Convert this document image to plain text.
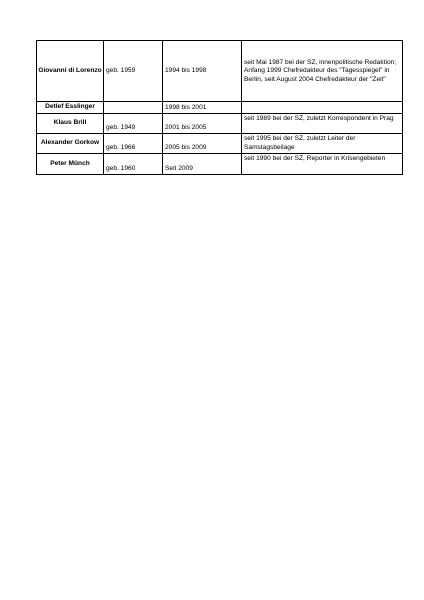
Giovanni di Lorenzo	geb. 1959	1994 bis 1998	seit Mai 1987 bei der SZ, innenpolitische Redaktion; Anfang 1999 Chefredakteur des "Tagesspiegel" in Berlin, seit August 2004 Chefredakteur der "Zeit"
Detlef Esslinger		1998 bis 2001	
Klaus Brill	geb. 1949	2001 bis 2005	seit 1989 bei der SZ, zuletzt Korrespondent in Prag
Alexander Gorkow	geb. 1966	2005 bis 2009	seit 1995 bei der SZ, zuletzt Leiter der Samstagsbeilage
Peter Münch	geb. 1960	Seit 2009	seit 1990 bei der SZ, Reporter in Krisengebieten
